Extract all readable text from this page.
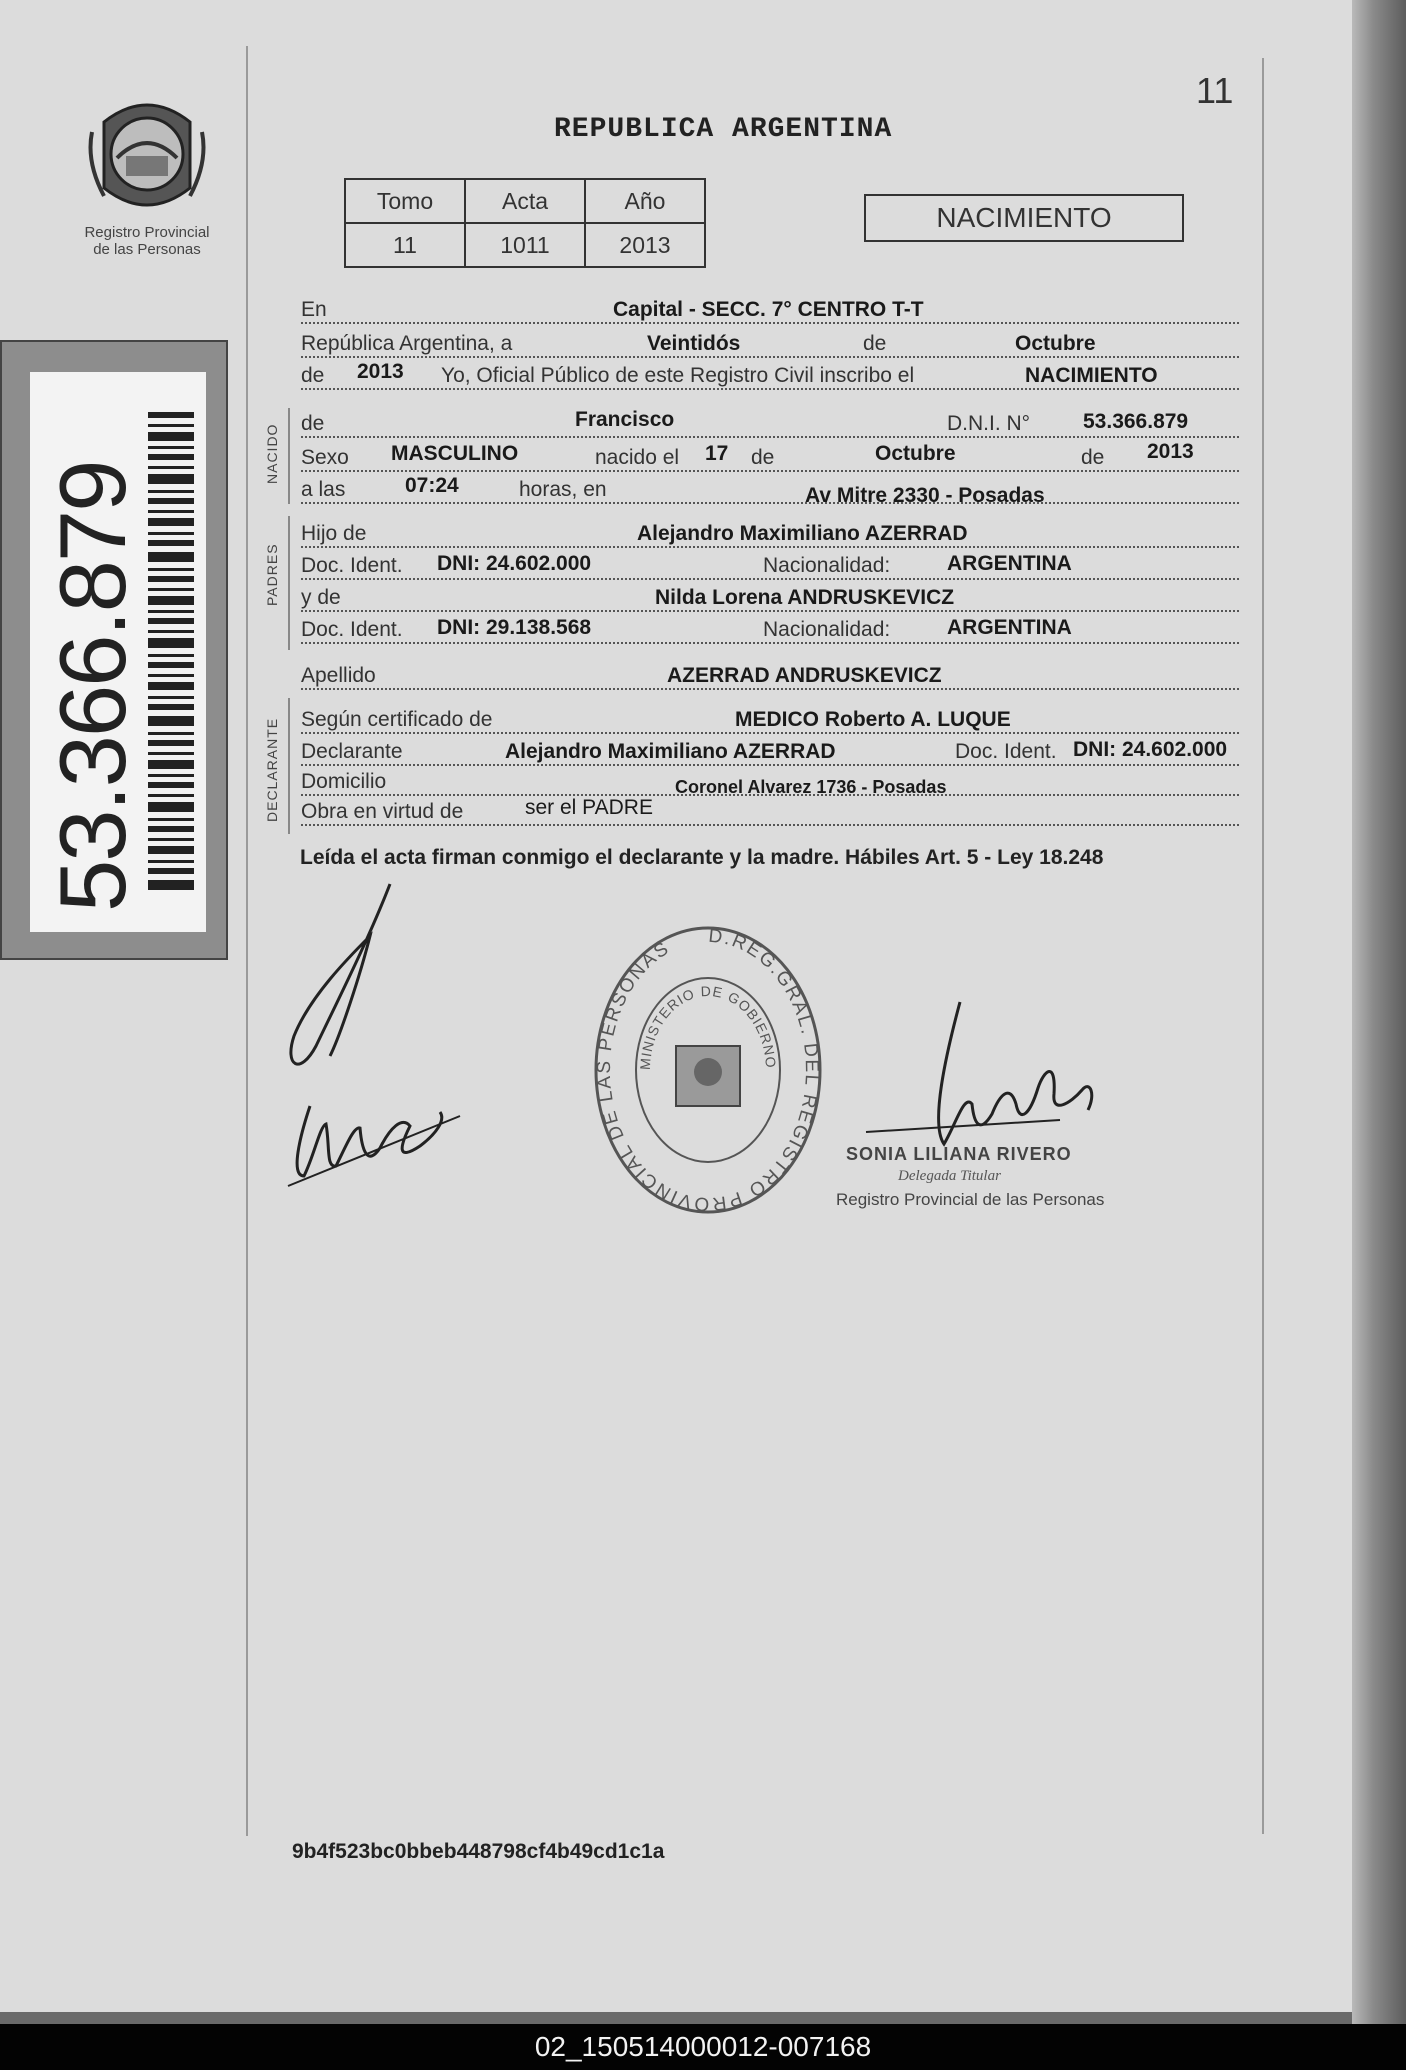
Registro Provincial
de las Personas
53.366.879
11
REPUBLICA ARGENTINA
Tomo	Acta	Año
11	1011	2013
NACIMIENTO
NACIDO
PADRES
DECLARANTE
En	Capital - SECC. 7° CENTRO T-T
República Argentina, a	Veintidós	de	Octubre
de 2013 Yo, Oficial Público de este Registro Civil inscribo el	NACIMIENTO
de	Francisco	D.N.I. N°	53.366.879
Sexo MASCULINO	nacido el 17 de	Octubre	de 2013
a las	07:24	horas, en	Av Mitre 2330 - Posadas
Hijo de	Alejandro Maximiliano AZERRAD
Doc. Ident. DNI: 24.602.000	Nacionalidad:	ARGENTINA
y de	Nilda Lorena ANDRUSKEVICZ
Doc. Ident. DNI: 29.138.568	Nacionalidad:	ARGENTINA
Apellido	AZERRAD ANDRUSKEVICZ
Según certificado de	MEDICO Roberto A. LUQUE
Declarante	Alejandro Maximiliano AZERRAD	Doc. Ident. DNI: 24.602.000
Domicilio	Coronel Alvarez 1736 - Posadas
Obra en virtud de	ser el PADRE
Leída el acta firman conmigo el declarante y la madre. Hábiles Art. 5 - Ley 18.248
D.REG.GRAL. DEL REGISTRO PROVINCIAL DE LAS PERSONAS
MINISTERIO DE GOBIERNO
SONIA LILIANA RIVERO
Delegada Titular
Registro Provincial de las Personas
9b4f523bc0bbeb448798cf4b49cd1c1a
02_150514000012-007168
